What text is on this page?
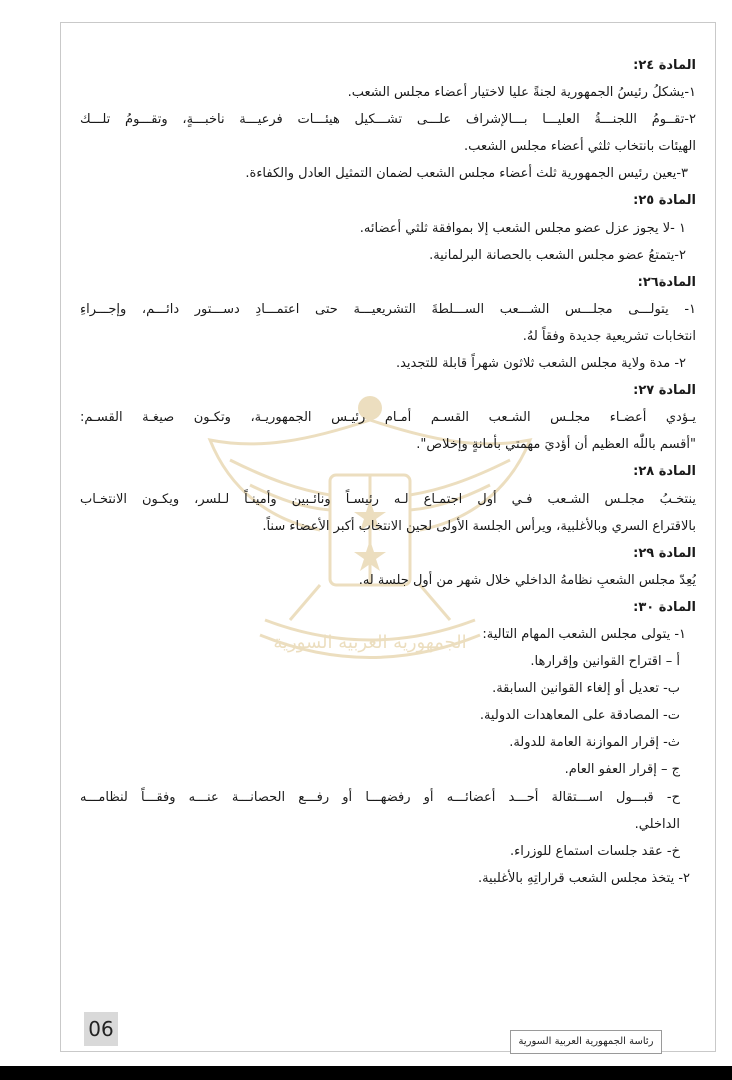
الجمهورية العربية السورية
المادة ٢٤:
١-يشكلُ رئيسُ الجمهورية لجنةً عليا لاختيار أعضاء مجلس الشعب.
٢-تقــومُ اللجنـــةُ العليـــا بـــالإشراف علـــى تشـــكيل هيئـــات فرعيـــة ناخبـــةٍ، وتقـــومُ تلـــك
الهيئات بانتخاب ثلثي أعضاء مجلس الشعب.
٣-يعين رئيس الجمهورية ثلث أعضاء مجلس الشعب لضمان التمثيل العادل والكفاءة.
المادة ٢٥:
١ -لا يجوز عزل عضو مجلس الشعب إلا بموافقة ثلثي أعضائه.
٢-يتمتعُ عضو مجلس الشعب بالحصانة البرلمانية.
المادة٢٦:
١- يتولـــى مجلـــس الشـــعب الســـلطةَ التشريعيـــة حتى اعتمـــادِ دســـتور دائـــم، وإجـــراءِ
انتخابات تشريعية جديدة وفقاً لهُ.
٢- مدة ولاية مجلس الشعب ثلاثون شهراً قابلة للتجديد.
المادة ٢٧:
يـؤدي أعضـاء مجلـس الشـعب القسـم أمـام رئيـس الجمهوريـة، وتكـون صيغـة القسـم:
"أقسم باللّٰه العظيم أن أؤديَ مهمتي بأمانةٍ وإخلاص".
المادة ٢٨:
ينتخـبُ مجلـس الشـعب فـي أول اجتمـاع لـه رئيسـاً ونائـبين وأمينـاً لـلسر، ويكـون الانتخـاب
بالاقتراع السري وبالأغلبية، ويرأس الجلسة الأولى لحين الانتخاب أكبر الأعضاء سناً.
المادة ٢٩:
يُعِدّ مجلس الشعبِ نظامهُ الداخلي خلال شهر من أول جلسة له.
المادة ٣٠:
١- يتولى مجلس الشعب المهام التالية:
أ – اقتراح القوانين وإقرارها.
ب- تعديل أو إلغاء القوانين السابقة.
ت- المصادقة على المعاهدات الدولية.
ث- إقرار الموازنة العامة للدولة.
ج – إقرار العفو العام.
ح- قبـــول اســـتقالة أحـــد أعضائـــه أو رفضهـــا أو رفـــع الحصانـــة عنـــه وفقـــاً لنظامـــه
الداخلي.
خ- عقد جلسات استماع للوزراء.
٢- يتخذ مجلس الشعب قراراتِهِ بالأغلبية.
06
رئاسة الجمهورية العربية السورية
